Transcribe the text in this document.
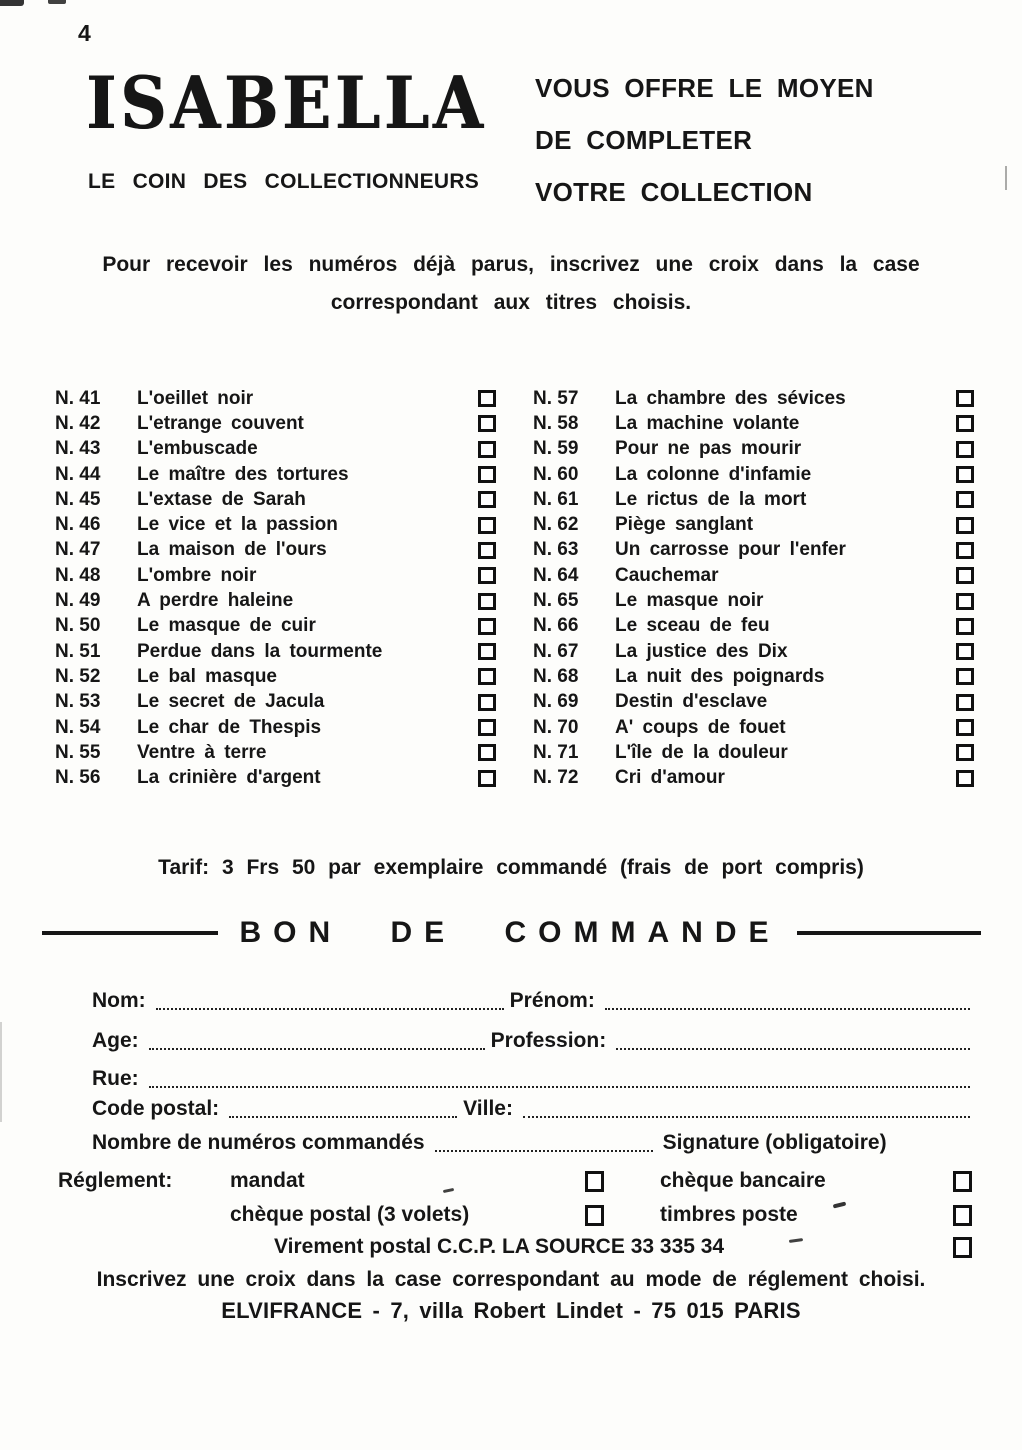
4
ISABELLA
LE COIN DES COLLECTIONNEURS
VOUS OFFRE LE MOYEN
DE COMPLETER
VOTRE COLLECTION
Pour recevoir les numéros déjà parus, inscrivez une croix dans la case
correspondant aux titres choisis.
N. 41	L'oeillet noir
N. 42	L'etrange couvent
N. 43	L'embuscade
N. 44	Le maître des tortures
N. 45	L'extase de Sarah
N. 46	Le vice et la passion
N. 47	La maison de l'ours
N. 48	L'ombre noir
N. 49	A perdre haleine
N. 50	Le masque de cuir
N. 51	Perdue dans la tourmente
N. 52	Le bal masque
N. 53	Le secret de Jacula
N. 54	Le char de Thespis
N. 55	Ventre à terre
N. 56	La crinière d'argent
N. 57	La chambre des sévices
N. 58	La machine volante
N. 59	Pour ne pas mourir
N. 60	La colonne d'infamie
N. 61	Le rictus de la mort
N. 62	Piège sanglant
N. 63	Un carrosse pour l'enfer
N. 64	Cauchemar
N. 65	Le masque noir
N. 66	Le sceau de feu
N. 67	La justice des Dix
N. 68	La nuit des poignards
N. 69	Destin d'esclave
N. 70	A' coups de fouet
N. 71	L'île de la douleur
N. 72	Cri d'amour
Tarif: 3 Frs 50 par exemplaire commandé (frais de port compris)
BON DE COMMANDE
Nom:	Prénom:
Age:	Profession:
Rue:
Code postal:	Ville:
Nombre de numéros commandés	Signature (obligatoire)
Réglement:	mandat	chèque bancaire
chèque postal (3 volets)	timbres poste
Virement postal C.C.P. LA SOURCE 33 335 34
Inscrivez une croix dans la case correspondant au mode de réglement choisi.
ELVIFRANCE - 7, villa Robert Lindet - 75 015 PARIS
